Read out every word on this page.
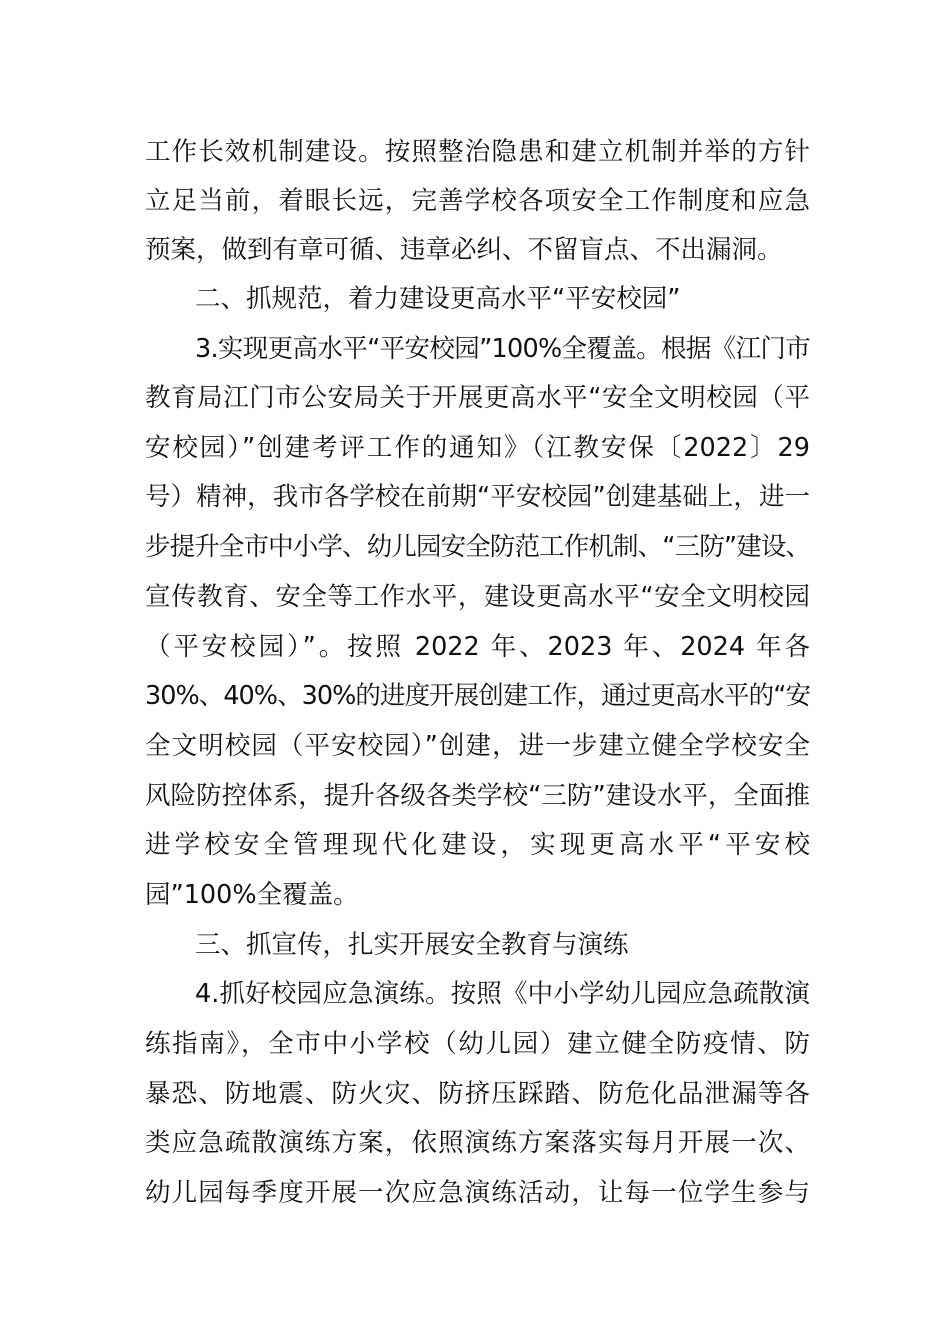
工作长效机制建设。按照整治隐患和建立机制并举的方针
立足当前，着眼长远，完善学校各项安全工作制度和应急
预案，做到有章可循、违章必纠、不留盲点、不出漏洞。
二、抓规范，着力建设更高水平“平安校园”
3.实现更高水平“平安校园”100%全覆盖。根据《江门市
教育局江门市公安局关于开展更高水平“安全文明校园（平
安校园）”创建考评工作的通知》（江教安保〔2022〕29
号）精神，我市各学校在前期“平安校园”创建基础上，进一
步提升全市中小学、幼儿园安全防范工作机制、“三防”建设、
宣传教育、安全等工作水平，建设更高水平“安全文明校园
（平安校园）”。按照 2022 年、2023 年、2024 年各
30%、40%、30%的进度开展创建工作，通过更高水平的“安
全文明校园（平安校园）”创建，进一步建立健全学校安全
风险防控体系，提升各级各类学校“三防”建设水平，全面推
进学校安全管理现代化建设，实现更高水平“平安校
园”100%全覆盖。
三、抓宣传，扎实开展安全教育与演练
4.抓好校园应急演练。按照《中小学幼儿园应急疏散演
练指南》，全市中小学校（幼儿园）建立健全防疫情、防
暴恐、防地震、防火灾、防挤压踩踏、防危化品泄漏等各
类应急疏散演练方案，依照演练方案落实每月开展一次、
幼儿园每季度开展一次应急演练活动，让每一位学生参与
